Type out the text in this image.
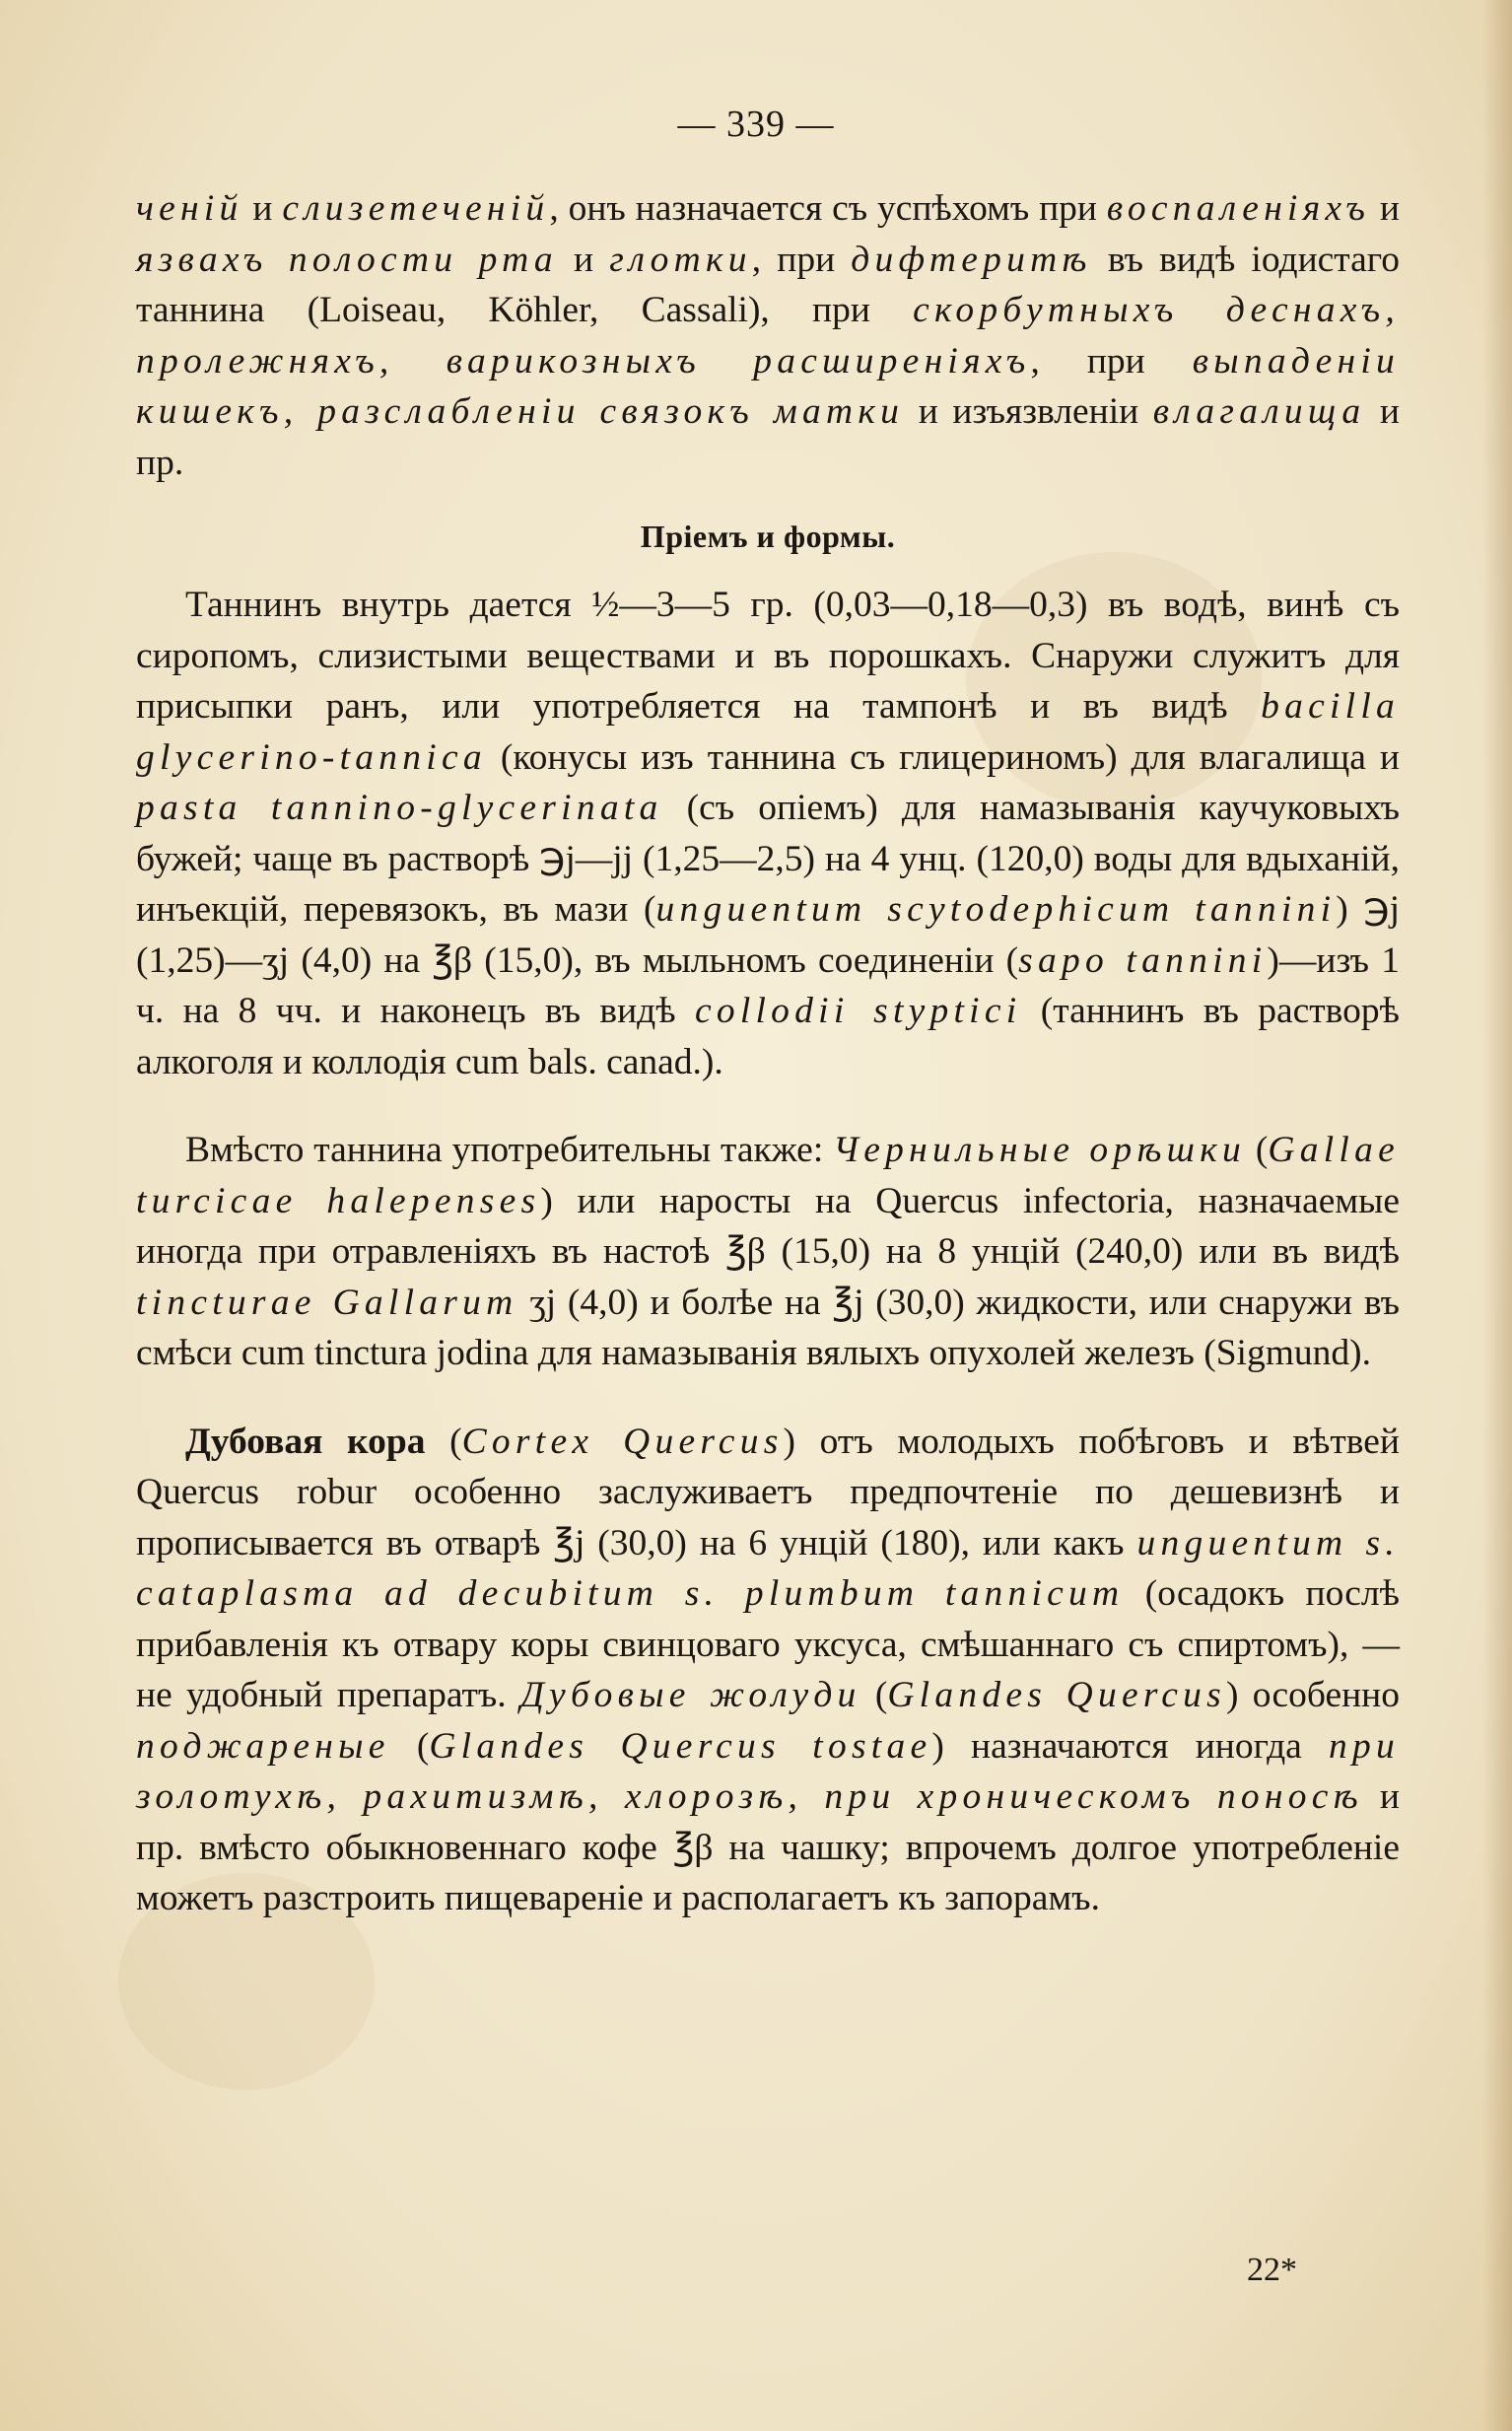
— 339 —

ченiй и слизетеченiй, онъ назначается съ успѣхомъ при воспаленiяхъ и язвахъ полости рта и глотки, при дифтеритѣ въ видѣ iодистаго таннина (Loiseau, Köhler, Cassali), при скорбутныхъ деснахъ, пролежняхъ, варикозныхъ расширенiяхъ, при выпаденiи кишекъ, разслабленiи связокъ матки и изъязвленiи влагалища и пр.

Прiемъ и формы.

Таннинъ внутрь дается ½—3—5 гр. (0,03—0,18—0,3) въ водѣ, винѣ съ сиропомъ, слизистыми веществами и въ порошкахъ. Снаружи служитъ для присыпки ранъ, или употребляется на тампонѣ и въ видѣ bacilla glycerino-tannica (конусы изъ таннина съ глицериномъ) для влагалища и pasta tannino-glycerinata (съ опiемъ) для намазыванiя каучуковыхъ бужей; чаще въ растворѣ ℈j—jj (1,25—2,5) на 4 унц. (120,0) воды для вдыханiй, инъекцiй, перевязокъ, въ мази (unguentum scytodephicum tannini) ℈j (1,25)—ʒj (4,0) на ℥β (15,0), въ мыльномъ соединенiи (sapo tannini)—изъ 1 ч. на 8 чч. и наконецъ въ видѣ collodii styptici (таннинъ въ растворѣ алкоголя и коллодiя cum bals. canad.).

Вмѣсто таннина употребительны также: Чернильные орѣшки (Gallae turcicae halepenses) или наросты на Quercus infectoria, назначаемые иногда при отравленiяхъ въ настоѣ ℥β (15,0) на 8 унцiй (240,0) или въ видѣ tincturae Gallarum ʒj (4,0) и болѣе на ℥j (30,0) жидкости, или снаружи въ смѣси cum tinctura jodina для намазыванiя вялыхъ опухолей железъ (Sigmund).

Дубовая кора (Cortex Quercus) отъ молодыхъ побѣговъ и вѣтвей Quercus robur особенно заслуживаетъ предпочтенiе по дешевизнѣ и прописывается въ отварѣ ℥j (30,0) на 6 унцiй (180), или какъ unguentum s. cataplasma ad decubitum s. plumbum tannicum (осадокъ послѣ прибавленiя къ отвару коры свинцоваго уксуса, смѣшаннаго съ спиртомъ), — не удобный препаратъ. Дубовые жолуди (Glandes Quercus) особенно поджареные (Glandes Quercus tostae) назначаются иногда при золотухѣ, рахитизмѣ, хлорозѣ, при хроническомъ поносѣ и пр. вмѣсто обыкновеннаго кофе ℥β на чашку; впрочемъ долгое употребленiе можетъ разстроить пищеваренiе и располагаетъ къ запорамъ.

22*
